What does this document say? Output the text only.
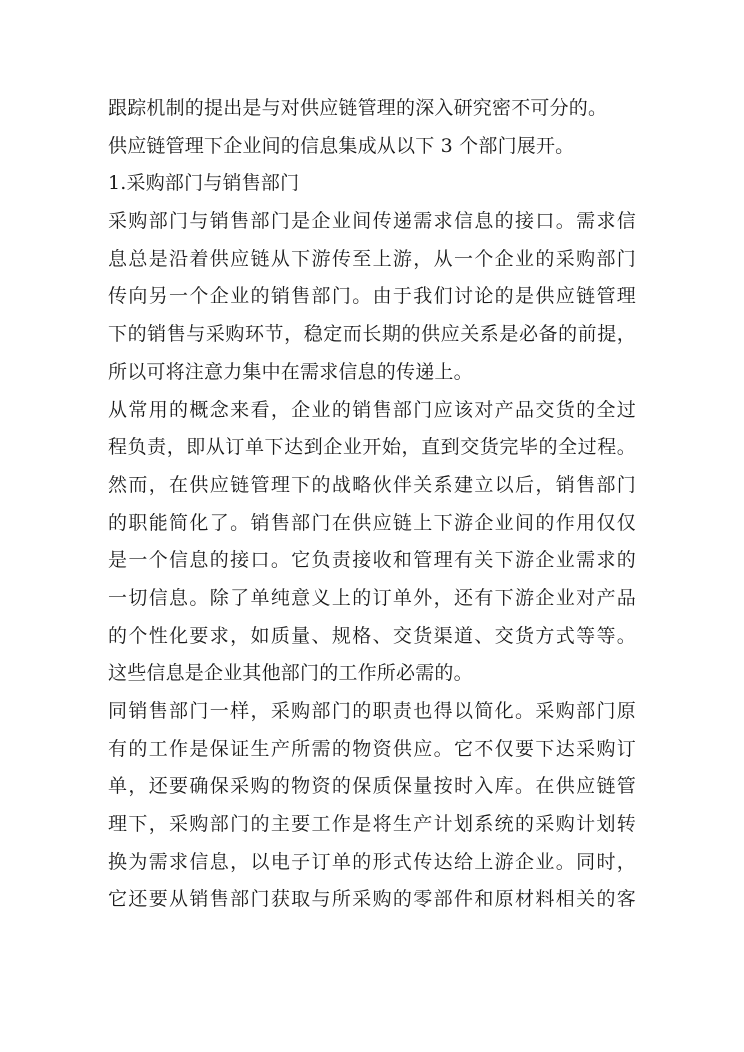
跟踪机制的提出是与对供应链管理的深入研究密不可分的。
供应链管理下企业间的信息集成从以下 3 个部门展开。
1.采购部门与销售部门
采购部门与销售部门是企业间传递需求信息的接口。需求信
息总是沿着供应链从下游传至上游，从一个企业的采购部门
传向另一个企业的销售部门。由于我们讨论的是供应链管理
下的销售与采购环节，稳定而长期的供应关系是必备的前提，
所以可将注意力集中在需求信息的传递上。
从常用的概念来看，企业的销售部门应该对产品交货的全过
程负责，即从订单下达到企业开始，直到交货完毕的全过程。
然而，在供应链管理下的战略伙伴关系建立以后，销售部门
的职能简化了。销售部门在供应链上下游企业间的作用仅仅
是一个信息的接口。它负责接收和管理有关下游企业需求的
一切信息。除了单纯意义上的订单外，还有下游企业对产品
的个性化要求，如质量、规格、交货渠道、交货方式等等。
这些信息是企业其他部门的工作所必需的。
同销售部门一样，采购部门的职责也得以简化。采购部门原
有的工作是保证生产所需的物资供应。它不仅要下达采购订
单，还要确保采购的物资的保质保量按时入库。在供应链管
理下，采购部门的主要工作是将生产计划系统的采购计划转
换为需求信息，以电子订单的形式传达给上游企业。同时，
它还要从销售部门获取与所采购的零部件和原材料相关的客
